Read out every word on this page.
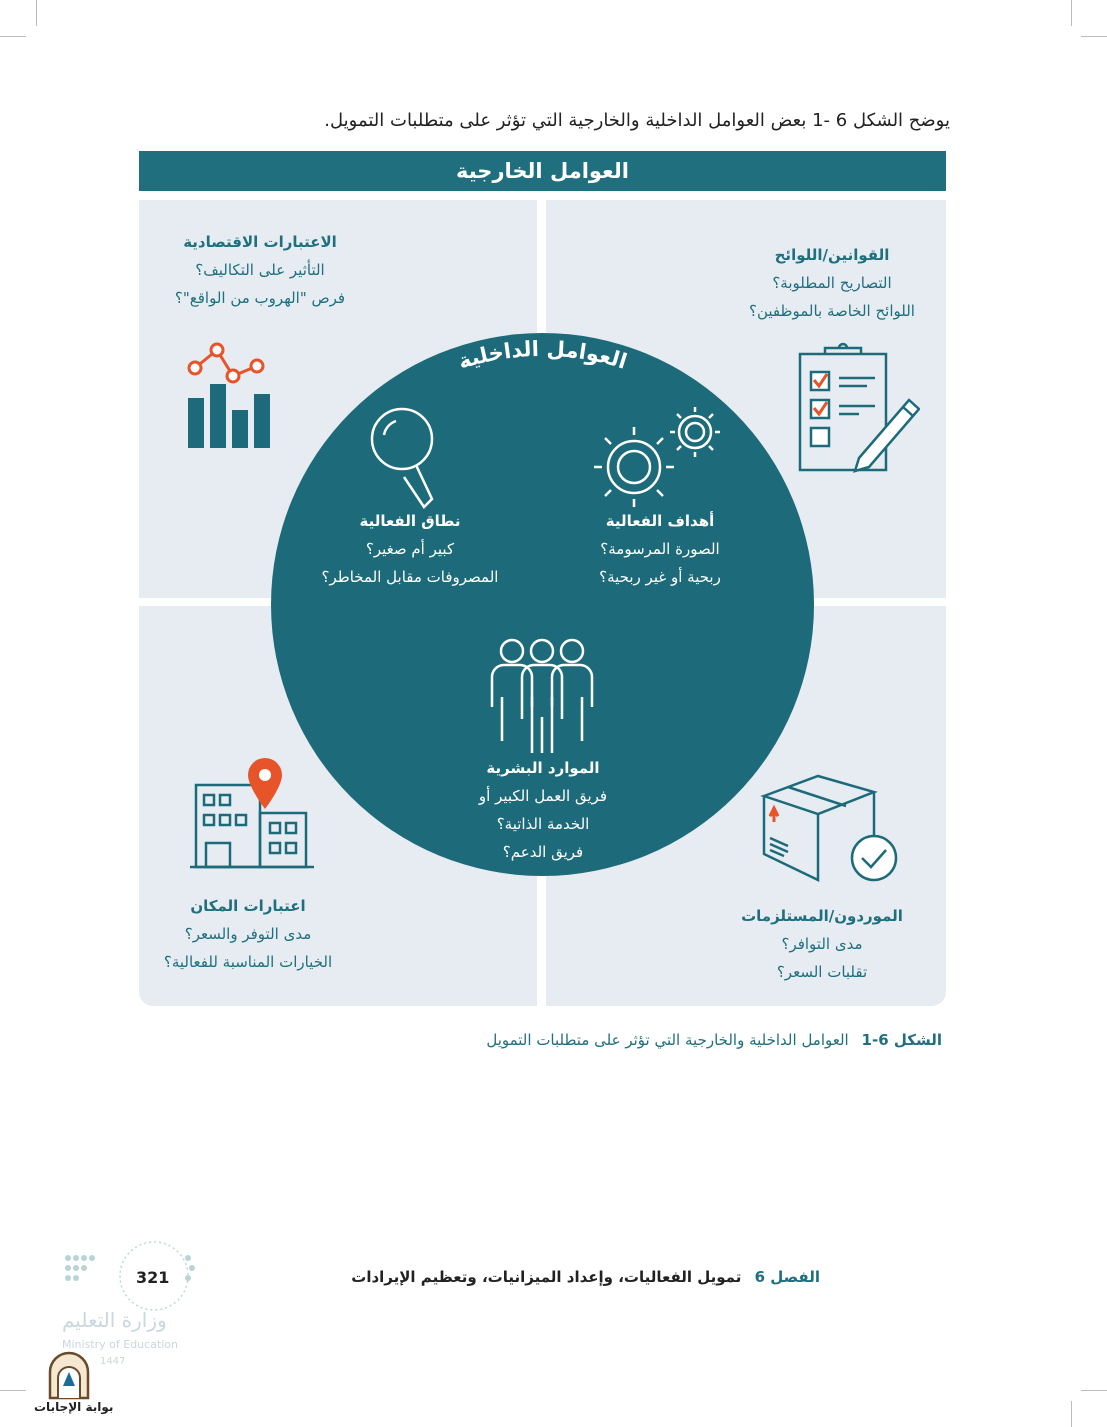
يوضح الشكل 6 -1 بعض العوامل الداخلية والخارجية التي تؤثر على متطلبات التمويل.
العوامل الخارجية
الاعتبارات الاقتصادية
التأثير على التكاليف؟
فرص "الهروب من الواقع"؟
القوانين/اللوائح
التصاريح المطلوبة؟
اللوائح الخاصة بالموظفين؟
اعتبارات المكان
مدى التوفر والسعر؟
الخيارات المناسبة للفعالية؟
الموردون/المستلزمات
مدى التوافر؟
تقلبات السعر؟
العوامل الداخلية
نطاق الفعالية
كبير أم صغير؟
المصروفات مقابل المخاطر؟
أهداف الفعالية
الصورة المرسومة؟
ربحية أو غير ربحية؟
الموارد البشرية
فريق العمل الكبير أو
الخدمة الذاتية؟
فريق الدعم؟
الشكل 6-1 العوامل الداخلية والخارجية التي تؤثر على متطلبات التمويل
الفصل 6 تمويل الفعاليات، وإعداد الميزانيات، وتعظيم الإيرادات
321
وزارة التعليم
Ministry of Education
1447
بوابة الإجابات
